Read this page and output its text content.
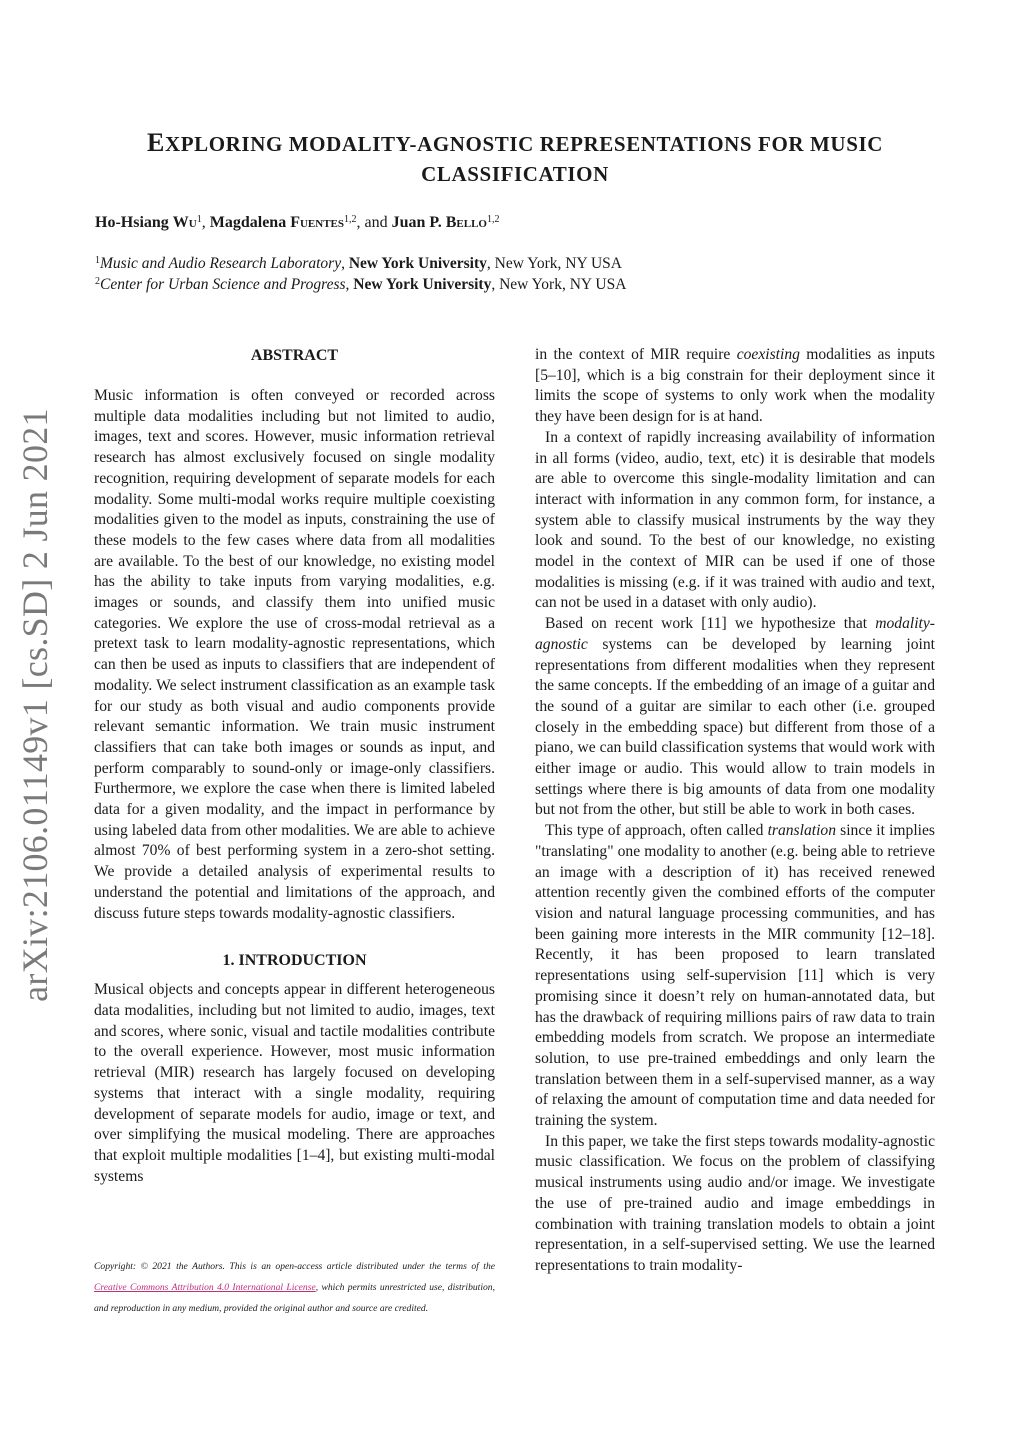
arXiv:2106.01149v1 [cs.SD] 2 Jun 2021
EXPLORING MODALITY-AGNOSTIC REPRESENTATIONS FOR MUSIC
CLASSIFICATION
Ho-Hsiang Wu$^1$, Magdalena Fuentes$^{1,2}$, and Juan P. Bello$^{1,2}$
$^1$Music and Audio Research Laboratory, New York University, New York, NY USA
$^2$Center for Urban Science and Progress, New York University, New York, NY USA
ABSTRACT

Music information is often conveyed or recorded across multiple data modalities including but not limited to audio, images, text and scores. However, music information retrieval research has almost exclusively focused on single modality recognition, requiring development of separate models for each modality. Some multi-modal works require multiple coexisting modalities given to the model as inputs, constraining the use of these models to the few cases where data from all modalities are available. To the best of our knowledge, no existing model has the ability to take inputs from varying modalities, e.g. images or sounds, and classify them into unified music categories. We explore the use of cross-modal retrieval as a pretext task to learn modality-agnostic representations, which can then be used as inputs to classifiers that are independent of modality. We select instrument classification as an example task for our study as both visual and audio components provide relevant semantic information. We train music instrument classifiers that can take both images or sounds as input, and perform comparably to sound-only or image-only classifiers. Furthermore, we explore the case when there is limited labeled data for a given modality, and the impact in performance by using labeled data from other modalities. We are able to achieve almost 70% of best performing system in a zero-shot setting. We provide a detailed analysis of experimental results to understand the potential and limitations of the approach, and discuss future steps towards modality-agnostic classifiers.

1. INTRODUCTION

Musical objects and concepts appear in different heterogeneous data modalities, including but not limited to audio, images, text and scores, where sonic, visual and tactile modalities contribute to the overall experience. However, most music information retrieval (MIR) research has largely focused on developing systems that interact with a single modality, requiring development of separate models for audio, image or text, and over simplifying the musical modeling. There are approaches that exploit multiple modalities [1–4], but existing multi-modal systems

Copyright: © 2021 the Authors. This is an open-access article distributed under the terms of the Creative Commons Attribution 4.0 International License, which permits unrestricted use, distribution, and reproduction in any medium, provided the original author and source are credited.

in the context of MIR require coexisting modalities as inputs [5–10], which is a big constrain for their deployment since it limits the scope of systems to only work when the modality they have been design for is at hand.

In a context of rapidly increasing availability of information in all forms (video, audio, text, etc) it is desirable that models are able to overcome this single-modality limitation and can interact with information in any common form, for instance, a system able to classify musical instruments by the way they look and sound. To the best of our knowledge, no existing model in the context of MIR can be used if one of those modalities is missing (e.g. if it was trained with audio and text, can not be used in a dataset with only audio).

Based on recent work [11] we hypothesize that modality-agnostic systems can be developed by learning joint representations from different modalities when they represent the same concepts. If the embedding of an image of a guitar and the sound of a guitar are similar to each other (i.e. grouped closely in the embedding space) but different from those of a piano, we can build classification systems that would work with either image or audio. This would allow to train models in settings where there is big amounts of data from one modality but not from the other, but still be able to work in both cases.

This type of approach, often called translation since it implies "translating" one modality to another (e.g. being able to retrieve an image with a description of it) has received renewed attention recently given the combined efforts of the computer vision and natural language processing communities, and has been gaining more interests in the MIR community [12–18]. Recently, it has been proposed to learn translated representations using self-supervision [11] which is very promising since it doesn’t rely on human-annotated data, but has the drawback of requiring millions pairs of raw data to train embedding models from scratch. We propose an intermediate solution, to use pre-trained embeddings and only learn the translation between them in a self-supervised manner, as a way of relaxing the amount of computation time and data needed for training the system.

In this paper, we take the first steps towards modality-agnostic music classification. We focus on the problem of classifying musical instruments using audio and/or image. We investigate the use of pre-trained audio and image embeddings in combination with training translation models to obtain a joint representation, in a self-supervised setting. We use the learned representations to train modality-
